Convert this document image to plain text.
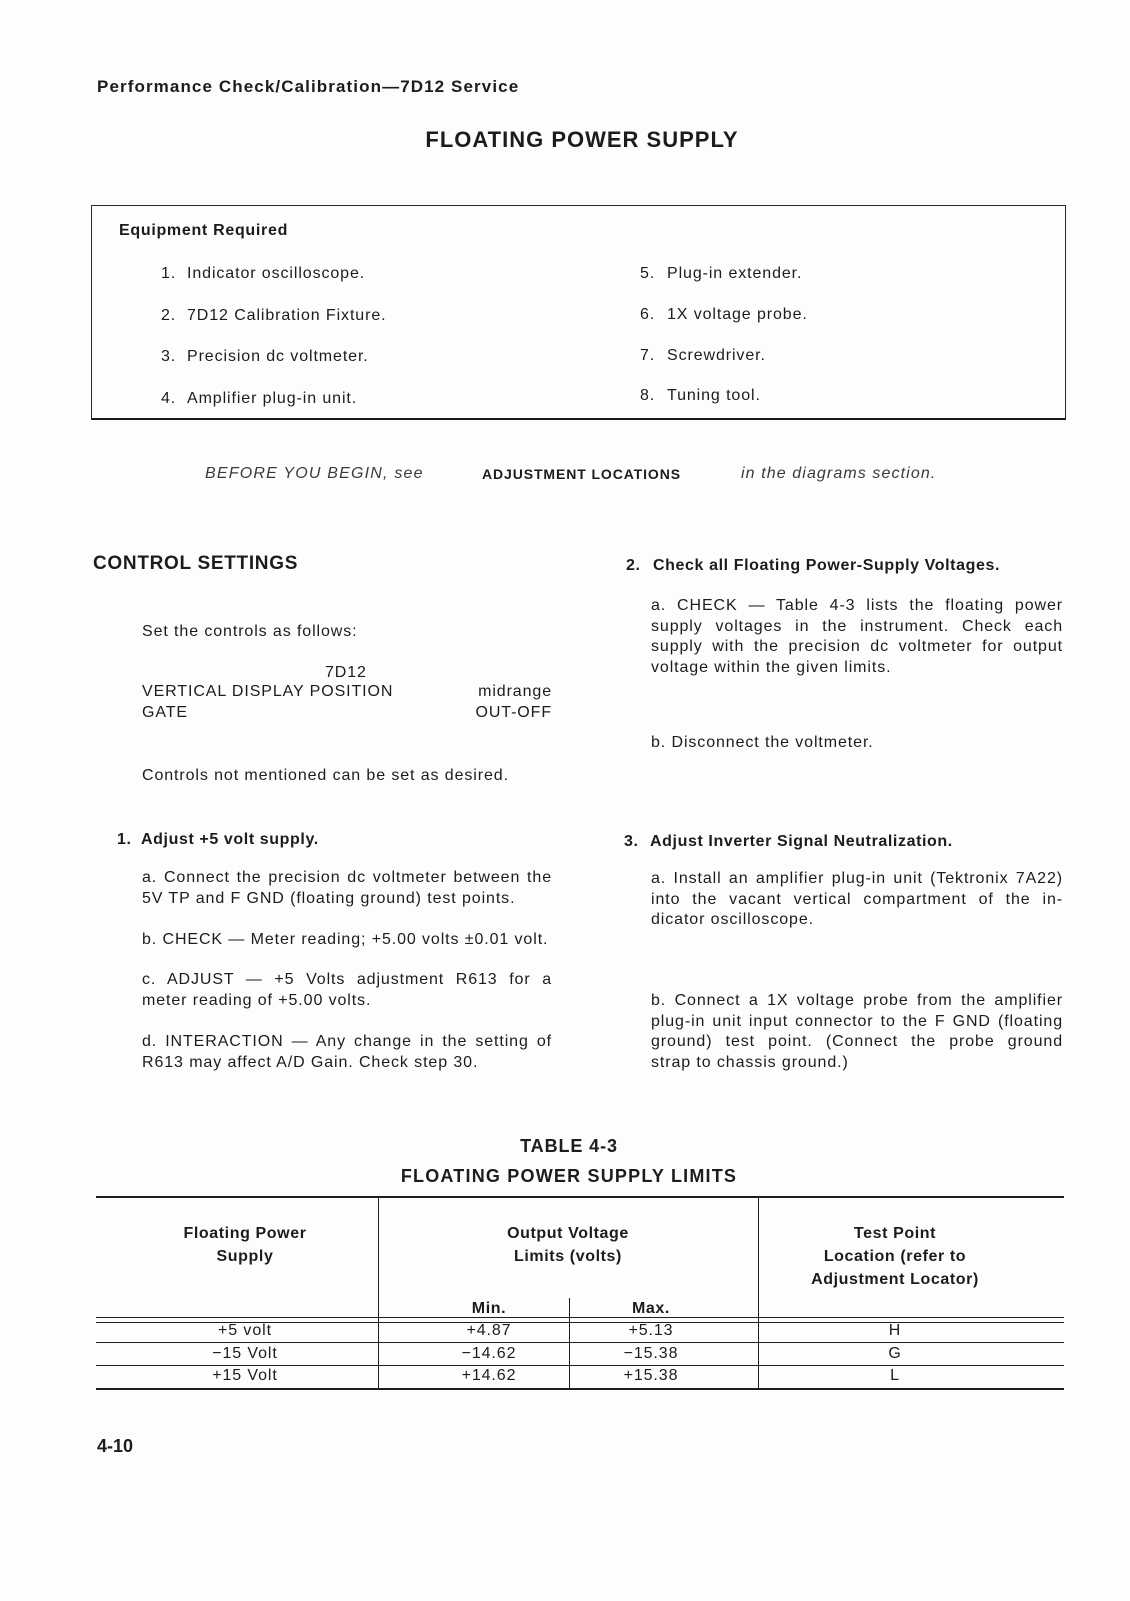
Performance Check/Calibration—7D12 Service
FLOATING POWER SUPPLY
Equipment Required
1. Indicator oscilloscope.
2. 7D12 Calibration Fixture.
3. Precision dc voltmeter.
4. Amplifier plug-in unit.
5. Plug-in extender.
6. 1X voltage probe.
7. Screwdriver.
8. Tuning tool.
BEFORE YOU BEGIN, see	ADJUSTMENT LOCATIONS	in the diagrams section.
CONTROL SETTINGS
Set the controls as follows:
7D12
VERTICAL DISPLAY POSITION	midrange
GATE	OUT-OFF
Controls not mentioned can be set as desired.
1. Adjust +5 volt supply.
a. Connect the precision dc voltmeter between the
5V TP and F GND (floating ground) test points.
b. CHECK — Meter reading; +5.00 volts ±0.01 volt.
c. ADJUST — +5 Volts adjustment R613 for a
meter reading of +5.00 volts.
d. INTERACTION — Any change in the setting of
R613 may affect A/D Gain. Check step 30.
2. Check all Floating Power-Supply Voltages.
a. CHECK — Table 4-3 lists the floating power
supply voltages in the instrument. Check each
supply with the precision dc voltmeter for output
voltage within the given limits.
b. Disconnect the voltmeter.
3. Adjust Inverter Signal Neutralization.
a. Install an amplifier plug-in unit (Tektronix 7A22)
into the vacant vertical compartment of the in-
dicator oscilloscope.
b. Connect a 1X voltage probe from the amplifier
plug-in unit input connector to the F GND (floating
ground) test point. (Connect the probe ground
strap to chassis ground.)
TABLE 4-3
FLOATING POWER SUPPLY LIMITS
Floating Power
Supply
Output Voltage
Limits (volts)
Test Point
Location (refer to
Adjustment Locator)
Min.	Max.
+5 volt	+4.87	+5.13	H
−15 Volt	−14.62	−15.38	G
+15 Volt	+14.62	+15.38	L
4-10
